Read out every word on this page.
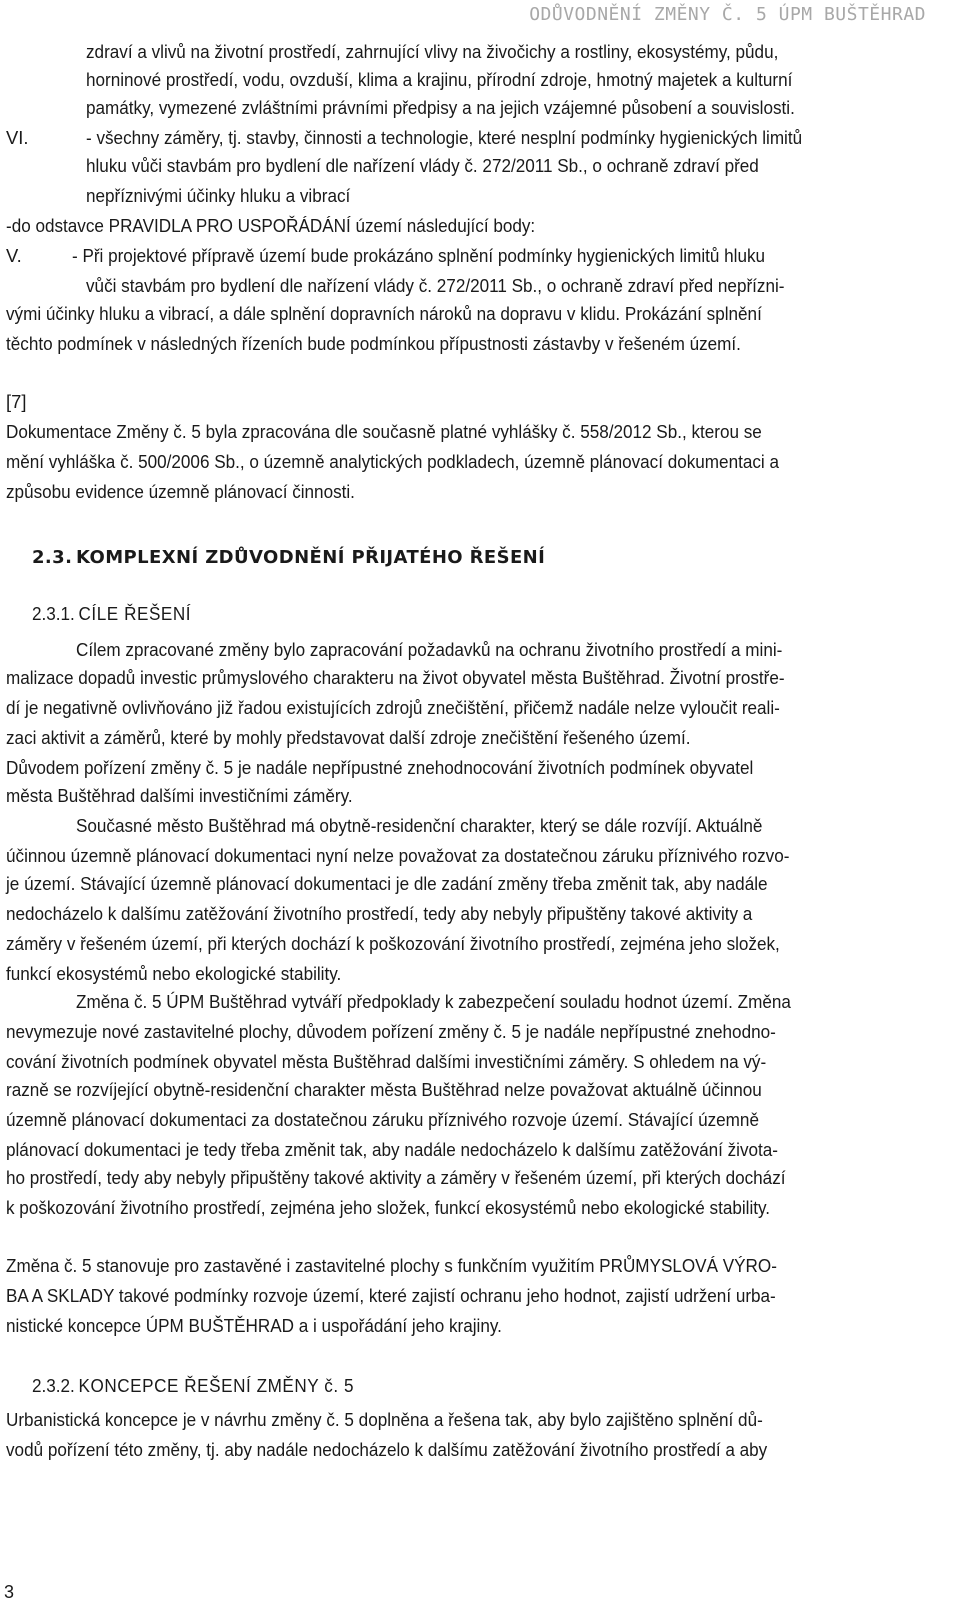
ODŮVODNĚNÍ ZMĚNY Č. 5 ÚPM BUŠTĚHRAD
zdraví a vlivů na životní prostředí, zahrnující vlivy na živočichy a rostliny, ekosystémy, půdu,
horninové prostředí, vodu, ovzduší, klima a krajinu, přírodní zdroje, hmotný majetek a kulturní
památky, vymezené zvláštními právními předpisy a na jejich vzájemné působení a souvislosti.
VI.	- všechny záměry, tj. stavby, činnosti a technologie, které nesplní podmínky hygienických limitů
hluku vůči stavbám pro bydlení dle nařízení vlády č. 272/2011 Sb., o ochraně zdraví před
nepříznivými účinky hluku a vibrací
-do odstavce PRAVIDLA PRO USPOŘÁDÁNÍ území následující body:
V.	- Při projektové přípravě území bude prokázáno splnění podmínky hygienických limitů hluku
vůči stavbám pro bydlení dle nařízení vlády č. 272/2011 Sb., o ochraně zdraví před nepřízni-
vými účinky hluku a vibrací, a dále splnění dopravních nároků na dopravu v klidu. Prokázání splnění
těchto podmínek v následných řízeních bude podmínkou přípustnosti zástavby v řešeném území.
[7]
Dokumentace Změny č. 5 byla zpracována dle současně platné vyhlášky č. 558/2012 Sb., kterou se
mění vyhláška č. 500/2006 Sb., o územně analytických podkladech, územně plánovací dokumentaci a
způsobu evidence územně plánovací činnosti.
2.3. KOMPLEXNÍ ZDŮVODNĚNÍ PŘIJATÉHO ŘEŠENÍ
2.3.1. CÍLE ŘEŠENÍ
Cílem zpracované změny bylo zapracování požadavků na ochranu životního prostředí a mini-
malizace dopadů investic průmyslového charakteru na život obyvatel města Buštěhrad. Životní prostře-
dí je negativně ovlivňováno již řadou existujících zdrojů znečištění, přičemž nadále nelze vyloučit reali-
zaci aktivit a záměrů, které by mohly představovat další zdroje znečištění řešeného území.
Důvodem pořízení změny č. 5 je nadále nepřípustné znehodnocování životních podmínek obyvatel
města Buštěhrad dalšími investičními záměry.
Současné město Buštěhrad má obytně-residenční charakter, který se dále rozvíjí. Aktuálně
účinnou územně plánovací dokumentaci nyní nelze považovat za dostatečnou záruku příznivého rozvo-
je území. Stávající územně plánovací dokumentaci je dle zadání změny třeba změnit tak, aby nadále
nedocházelo k dalšímu zatěžování životního prostředí, tedy aby nebyly připuštěny takové aktivity a
záměry v řešeném území, při kterých dochází k poškozování životního prostředí, zejména jeho složek,
funkcí ekosystémů nebo ekologické stability.
Změna č. 5 ÚPM Buštěhrad vytváří předpoklady k zabezpečení souladu hodnot území. Změna
nevymezuje nové zastavitelné plochy, důvodem pořízení změny č. 5 je nadále nepřípustné znehodno-
cování životních podmínek obyvatel města Buštěhrad dalšími investičními záměry. S ohledem na vý-
razně se rozvíjející obytně-residenční charakter města Buštěhrad nelze považovat aktuálně účinnou
územně plánovací dokumentaci za dostatečnou záruku příznivého rozvoje území. Stávající územně
plánovací dokumentaci je tedy třeba změnit tak, aby nadále nedocházelo k dalšímu zatěžování života-
ho prostředí, tedy aby nebyly připuštěny takové aktivity a záměry v řešeném území, při kterých dochází
k poškozování životního prostředí, zejména jeho složek, funkcí ekosystémů nebo ekologické stability.
Změna č. 5 stanovuje pro zastavěné i zastavitelné plochy s funkčním využitím PRŮMYSLOVÁ VÝRO-
BA A SKLADY takové podmínky rozvoje území, které zajistí ochranu jeho hodnot, zajistí udržení urba-
nistické koncepce ÚPM BUŠTĚHRAD a i uspořádání jeho krajiny.
2.3.2. KONCEPCE ŘEŠENÍ ZMĚNY č. 5
Urbanistická koncepce je v návrhu změny č. 5 doplněna a řešena tak, aby bylo zajištěno splnění dů-
vodů pořízení této změny, tj. aby nadále nedocházelo k dalšímu zatěžování životního prostředí a aby
3
